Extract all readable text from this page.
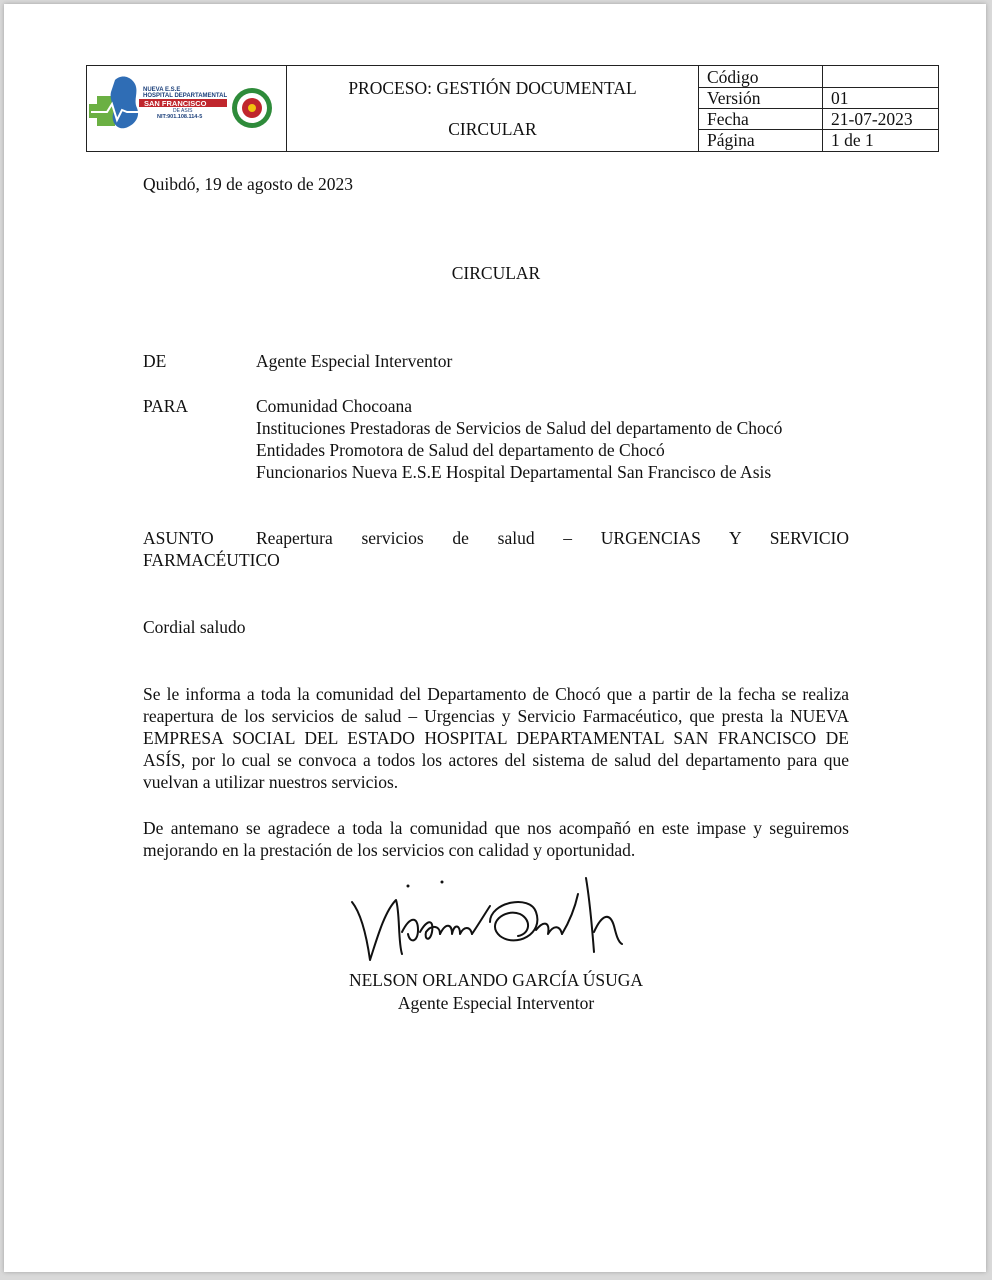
NUEVA E.S.E
HOSPITAL DEPARTAMENTAL
SAN FRANCISCO
DE ASIS
NIT:901.108.114-5
PROCESO: GESTIÓN DOCUMENTAL
CIRCULAR
Código
Versión	01
Fecha	21-07-2023
Página	1 de 1
Quibdó, 19 de agosto de 2023
CIRCULAR
DE	Agente Especial Interventor
PARA	Comunidad Chocoana
Instituciones Prestadoras de Servicios de Salud del departamento de Chocó
Entidades Promotora de Salud del departamento de Chocó
Funcionarios Nueva E.S.E Hospital Departamental San Francisco de Asis
ASUNTO Reapertura servicios de salud – URGENCIAS Y SERVICIO
FARMACÉUTICO
Cordial saludo
Se le informa a toda la comunidad del Departamento de Chocó que a partir de la fecha se realiza reapertura de los servicios de salud – Urgencias y Servicio Farmacéutico, que presta la NUEVA EMPRESA SOCIAL DEL ESTADO HOSPITAL DEPARTAMENTAL SAN FRANCISCO DE ASÍS, por lo cual se convoca a todos los actores del sistema de salud del departamento para que vuelvan a utilizar nuestros servicios.
De antemano se agradece a toda la comunidad que nos acompañó en este impase y seguiremos mejorando en la prestación de los servicios con calidad y oportunidad.
NELSON ORLANDO GARCÍA ÚSUGA
Agente Especial Interventor
